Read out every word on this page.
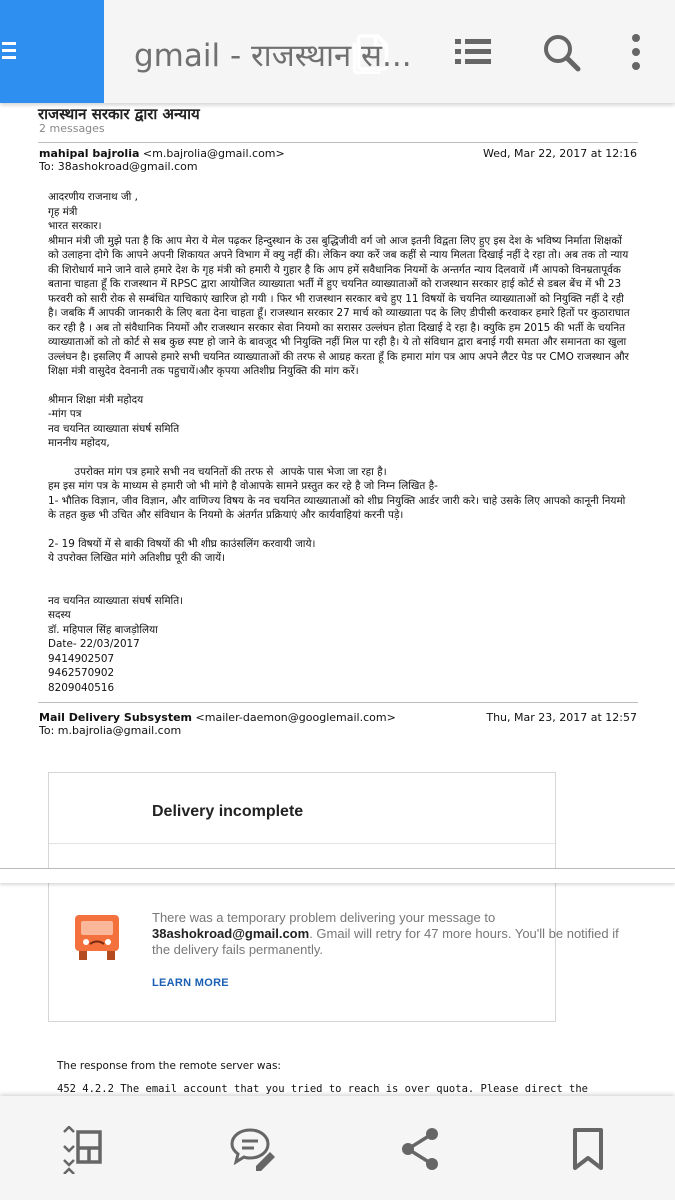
gmail - राजस्थान स...
राजस्थान सरकार द्वारा अन्याय
2 messages
mahipal bajrolia <m.bajrolia@gmail.com>	Wed, Mar 22, 2017 at 12:16
To: 38ashokroad@gmail.com

आदरणीय राजनाथ जी ,

गृह मंत्री

भारत सरकार।

श्रीमान मंत्री जी मुझे पता है कि आप मेरा ये मेल पढ़कर हिन्दुस्थान के उस बुद्धिजीवी वर्ग जो आज इतनी विद्वता लिए हुए इस देश के भविष्य निर्माता शिक्षकों को उलाहना दोगे कि आपने अपनी शिकायत अपने विभाग में क्यु नहीं की। लेकिन क्या करें जब कहीं से न्याय मिलता दिखाई नहीं दे रहा तो। अब तक तो न्याय की शिरोधार्य माने जाने वाले हमारे देश के गृह मंत्री को हमारी ये गुहार है कि आप हमें सवैधानिक नियमों के अन्तर्गत न्याय दिलवायें ।मैं आपको विनम्रतापूर्वक बताना चाहता हूँ कि राजस्थान में RPSC द्वारा आयोजित व्याख्याता भर्ती में हुए चयनित व्याख्याताओं को राजस्थान सरकार हाई कोर्ट से डबल बेंच में भी 23 फरवरी को सारी रोक से सम्बंधित याचिकाएं खारिज हो गयी । फिर भी राजस्थान सरकार बचे हुए 11 विषयों के चयनित व्याख्याताओं को नियुक्ति नहीं दे रही है। जबकि मैं आपकी जानकारी के लिए बता देना चाहता हूँ। राजस्थान सरकार 27 मार्च को व्याख्याता पद के लिए डीपीसी करवाकर हमारे हितों पर कुठाराघात कर रही है । अब तो संवैधानिक नियमों और राजस्थान सरकार सेवा नियमो का सरासर उल्लंघन होता दिखाई दे रहा है। क्युकि हम 2015 की भर्ती के चयनित व्याख्याताओं को तो कोर्ट से सब कुछ स्पष्ट हो जाने के बावजूद भी नियुक्ति नहीं मिल पा रही है। ये तो संविधान द्वारा बनाई गयी समता और समानता का खुला उल्लंघन है। इसलिए मैं आपसे हमारे सभी चयनित व्याख्याताओं की तरफ से आग्रह करता हूँ कि हमारा मांग पत्र आप अपने लैटर पेड पर CMO राजस्थान और शिक्षा मंत्री वासुदेव देवनानी तक पहुचायें।और कृपया अतिशीघ्र नियुक्ति की मांग करें।

श्रीमान शिक्षा मंत्री महोदय

-मांग पत्र

नव चयनित व्याख्याता संघर्ष समिति

माननीय महोदय,

उपरोक्त मांग पत्र हमारे सभी नव चयनितों की तरफ से  आपके पास भेजा जा रहा है।

हम इस मांग पत्र के माध्यम से हमारी जो भी मांगे है वोआपके सामने प्रस्तुत कर रहे है जो निम्न लिखित है-

1- भौतिक विज्ञान, जीव विज्ञान, और वाणिज्य विषय के नव चयनित व्याख्याताओं को शीघ्र नियुक्ति आर्डर जारी करे। चाहे उसके लिए आपको कानूनी नियमो के तहत कुछ भी उचित और संविधान के नियमो के अंतर्गत प्रक्रियाएं और कार्यवाहियां करनी पड़े।

2- 19 विषयों में से बाकी विषयों की भी शीघ्र काउंसलिंग करवायी जाये।

ये उपरोक्त लिखित मांगे अतिशीघ्र पूरी की जायें।

नव चयनित व्याख्याता संघर्ष समिति।

सदस्य

डॉ. महिपाल सिंह बाजड़ोलिया

Date- 22/03/2017

9414902507

9462570902

8209040516

Mail Delivery Subsystem <mailer-daemon@googlemail.com>	Thu, Mar 23, 2017 at 12:57
To: m.bajrolia@gmail.com
Delivery incomplete
There was a temporary problem delivering your message to
38ashokroad@gmail.com. Gmail will retry for 47 more hours. You'll be notified if the delivery fails permanently.
LEARN MORE
The response from the remote server was:
452 4.2.2 The email account that you tried to reach is over quota. Please direct the
